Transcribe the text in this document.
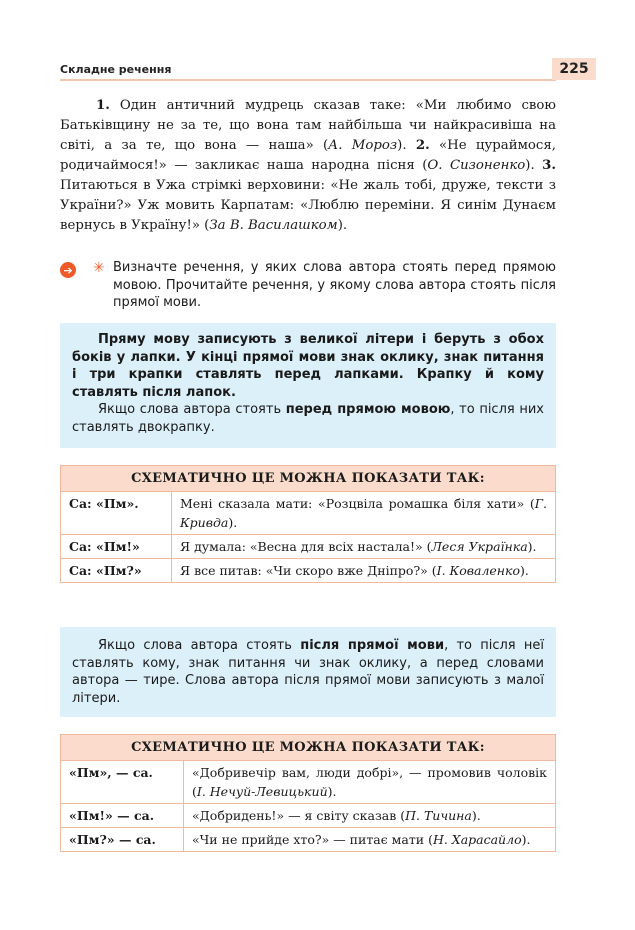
Складне речення	225

1. Один античний мудрець сказав таке: «Ми любимо свою Батьківщину не за те, що вона там найбільша чи найкрасивіша на світі, а за те, що вона — наша» (А. Мороз). 2. «Не цураймося, родичаймося!» — закликає наша народна пісня (О. Сизоненко). 3. Питаються в Ужа стрімкі верховини: «Не жаль тобі, друже, тексти з України?» Уж мовить Карпатам: «Люблю переміни. Я синім Дунаєм вернусь в Україну!» (За В. Василашком).

➔ ✳ Визначте речення, у яких слова автора стоять перед прямою мовою. Прочитайте речення, у якому слова автора стоять після прямої мови.

Пряму мову записують з великої літери і беруть з обох боків у лапки. У кінці прямої мови знак оклику, знак питання і три крапки ставлять перед лапками. Крапку й кому ставлять після лапок.

Якщо слова автора стоять перед прямою мовою, то після них ставлять двокрапку.

СХЕМАТИЧНО ЦЕ МОЖНА ПОКАЗАТИ ТАК:	
Са: «Пм».	Мені сказала мати: «Розцвіла ромашка біля хати» (Г. Кривда).
Са: «Пм!»	Я думала: «Весна для всіх настала!» (Леся Українка).
Са: «Пм?»	Я все питав: «Чи скоро вже Дніпро?» (І. Коваленко).

Якщо слова автора стоять після прямої мови, то після неї ставлять кому, знак питання чи знак оклику, а перед словами автора — тире. Слова автора після прямої мови записують з малої літери.

СХЕМАТИЧНО ЦЕ МОЖНА ПОКАЗАТИ ТАК:	
«Пм», — са.	«Добривечір вам, люди добрі», — промовив чоловік (І. Нечуй-Левицький).
«Пм!» — са.	«Добридень!» — я світу сказав (П. Тичина).
«Пм?» — са.	«Чи не прийде хто?» — питає мати (Н. Харасайло).
